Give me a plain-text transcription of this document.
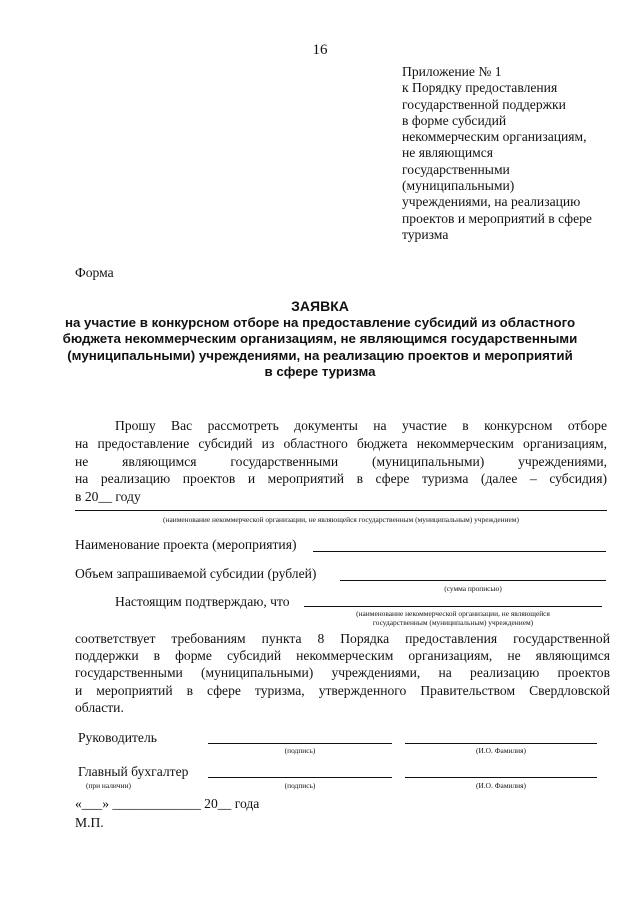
16
Приложение № 1
к Порядку предоставления
государственной поддержки
в форме субсидий
некоммерческим организациям,
не являющимся
государственными
(муниципальными)
учреждениями, на реализацию
проектов и мероприятий в сфере
туризма
Форма
ЗАЯВКА
на участие в конкурсном отборе на предоставление субсидий из областного
бюджета некоммерческим организациям, не являющимся государственными
(муниципальными) учреждениями, на реализацию проектов и мероприятий
в сфере туризма
Прошу Вас рассмотреть документы на участие в конкурсном отборе
на предоставление субсидий из областного бюджета некоммерческим организациям,
не являющимся государственными (муниципальными) учреждениями,
на реализацию проектов и мероприятий в сфере туризма (далее – субсидия)
в 20__ году
(наименование некоммерческой организации, не являющейся государственным (муниципальным) учреждением)
Наименование проекта (мероприятия)
Объем запрашиваемой субсидии (рублей)
(сумма прописью)
Настоящим подтверждаю, что
(наименование некоммерческой организации, не являющейся
государственным (муниципальным) учреждением)
соответствует требованиям пункта 8 Порядка предоставления государственной
поддержки в форме субсидий некоммерческим организациям, не являющимся
государственными (муниципальными) учреждениями, на реализацию проектов
и мероприятий в сфере туризма, утвержденного Правительством Свердловской
области.
Руководитель
(подпись)	(И.О. Фамилия)
Главный бухгалтер
(при наличии)	(подпись)	(И.О. Фамилия)
«___» _____________ 20__ года
М.П.
